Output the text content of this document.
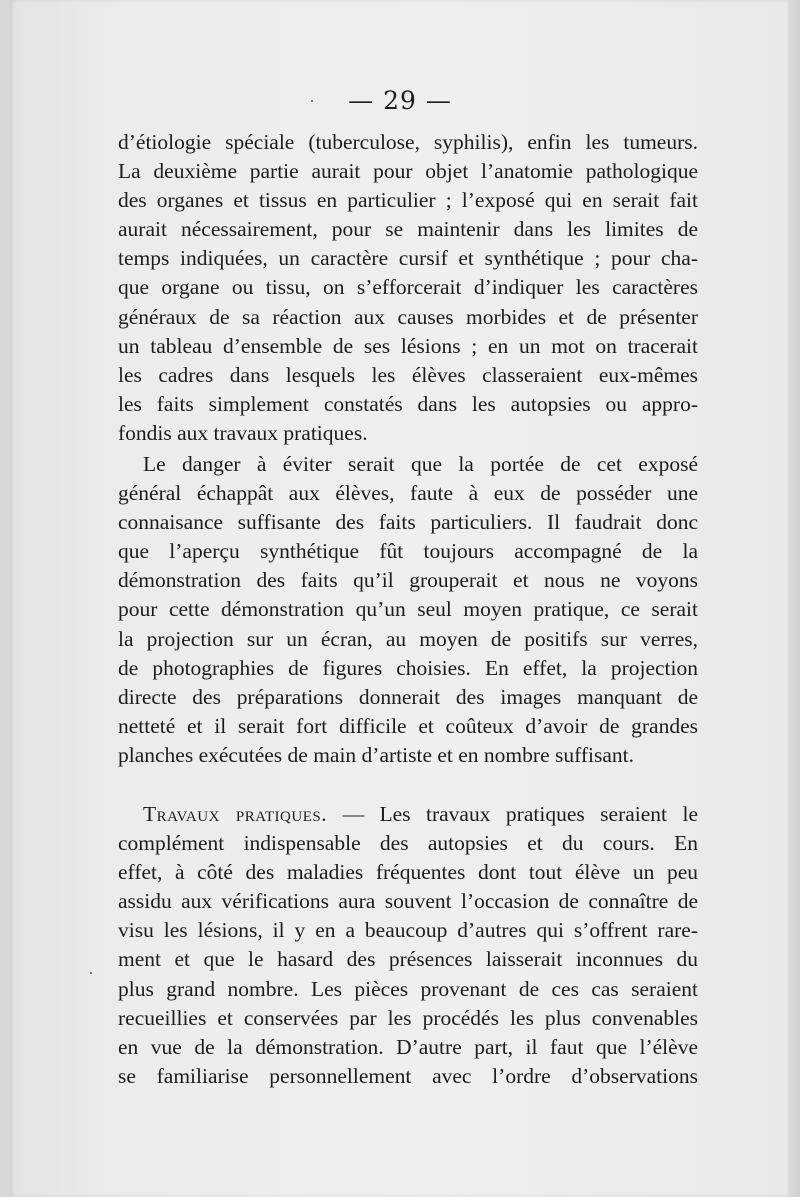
— 29 —
d’étiologie spéciale (tuberculose, syphilis), enfin les tumeurs.
La deuxième partie aurait pour objet l’anatomie pathologique
des organes et tissus en particulier ; l’exposé qui en serait fait
aurait nécessairement, pour se maintenir dans les limites de
temps indiquées, un caractère cursif et synthétique ; pour cha-
que organe ou tissu, on s’efforcerait d’indiquer les caractères
généraux de sa réaction aux causes morbides et de présenter
un tableau d’ensemble de ses lésions ; en un mot on tracerait
les cadres dans lesquels les élèves classeraient eux-mêmes
les faits simplement constatés dans les autopsies ou appro-
fondis aux travaux pratiques.
Le danger à éviter serait que la portée de cet exposé
général échappât aux élèves, faute à eux de posséder une
connaisance suffisante des faits particuliers. Il faudrait donc
que l’aperçu synthétique fût toujours accompagné de la
démonstration des faits qu’il grouperait et nous ne voyons
pour cette démonstration qu’un seul moyen pratique, ce serait
la projection sur un écran, au moyen de positifs sur verres,
de photographies de figures choisies. En effet, la projection
directe des préparations donnerait des images manquant de
netteté et il serait fort difficile et coûteux d’avoir de grandes
planches exécutées de main d’artiste et en nombre suffisant.
Travaux pratiques. — Les travaux pratiques seraient le
complément indispensable des autopsies et du cours. En
effet, à côté des maladies fréquentes dont tout élève un peu
assidu aux vérifications aura souvent l’occasion de connaître de
visu les lésions, il y en a beaucoup d’autres qui s’offrent rare-
ment et que le hasard des présences laisserait inconnues du
plus grand nombre. Les pièces provenant de ces cas seraient
recueillies et conservées par les procédés les plus convenables
en vue de la démonstration. D’autre part, il faut que l’élève
se familiarise personnellement avec l’ordre d’observations
